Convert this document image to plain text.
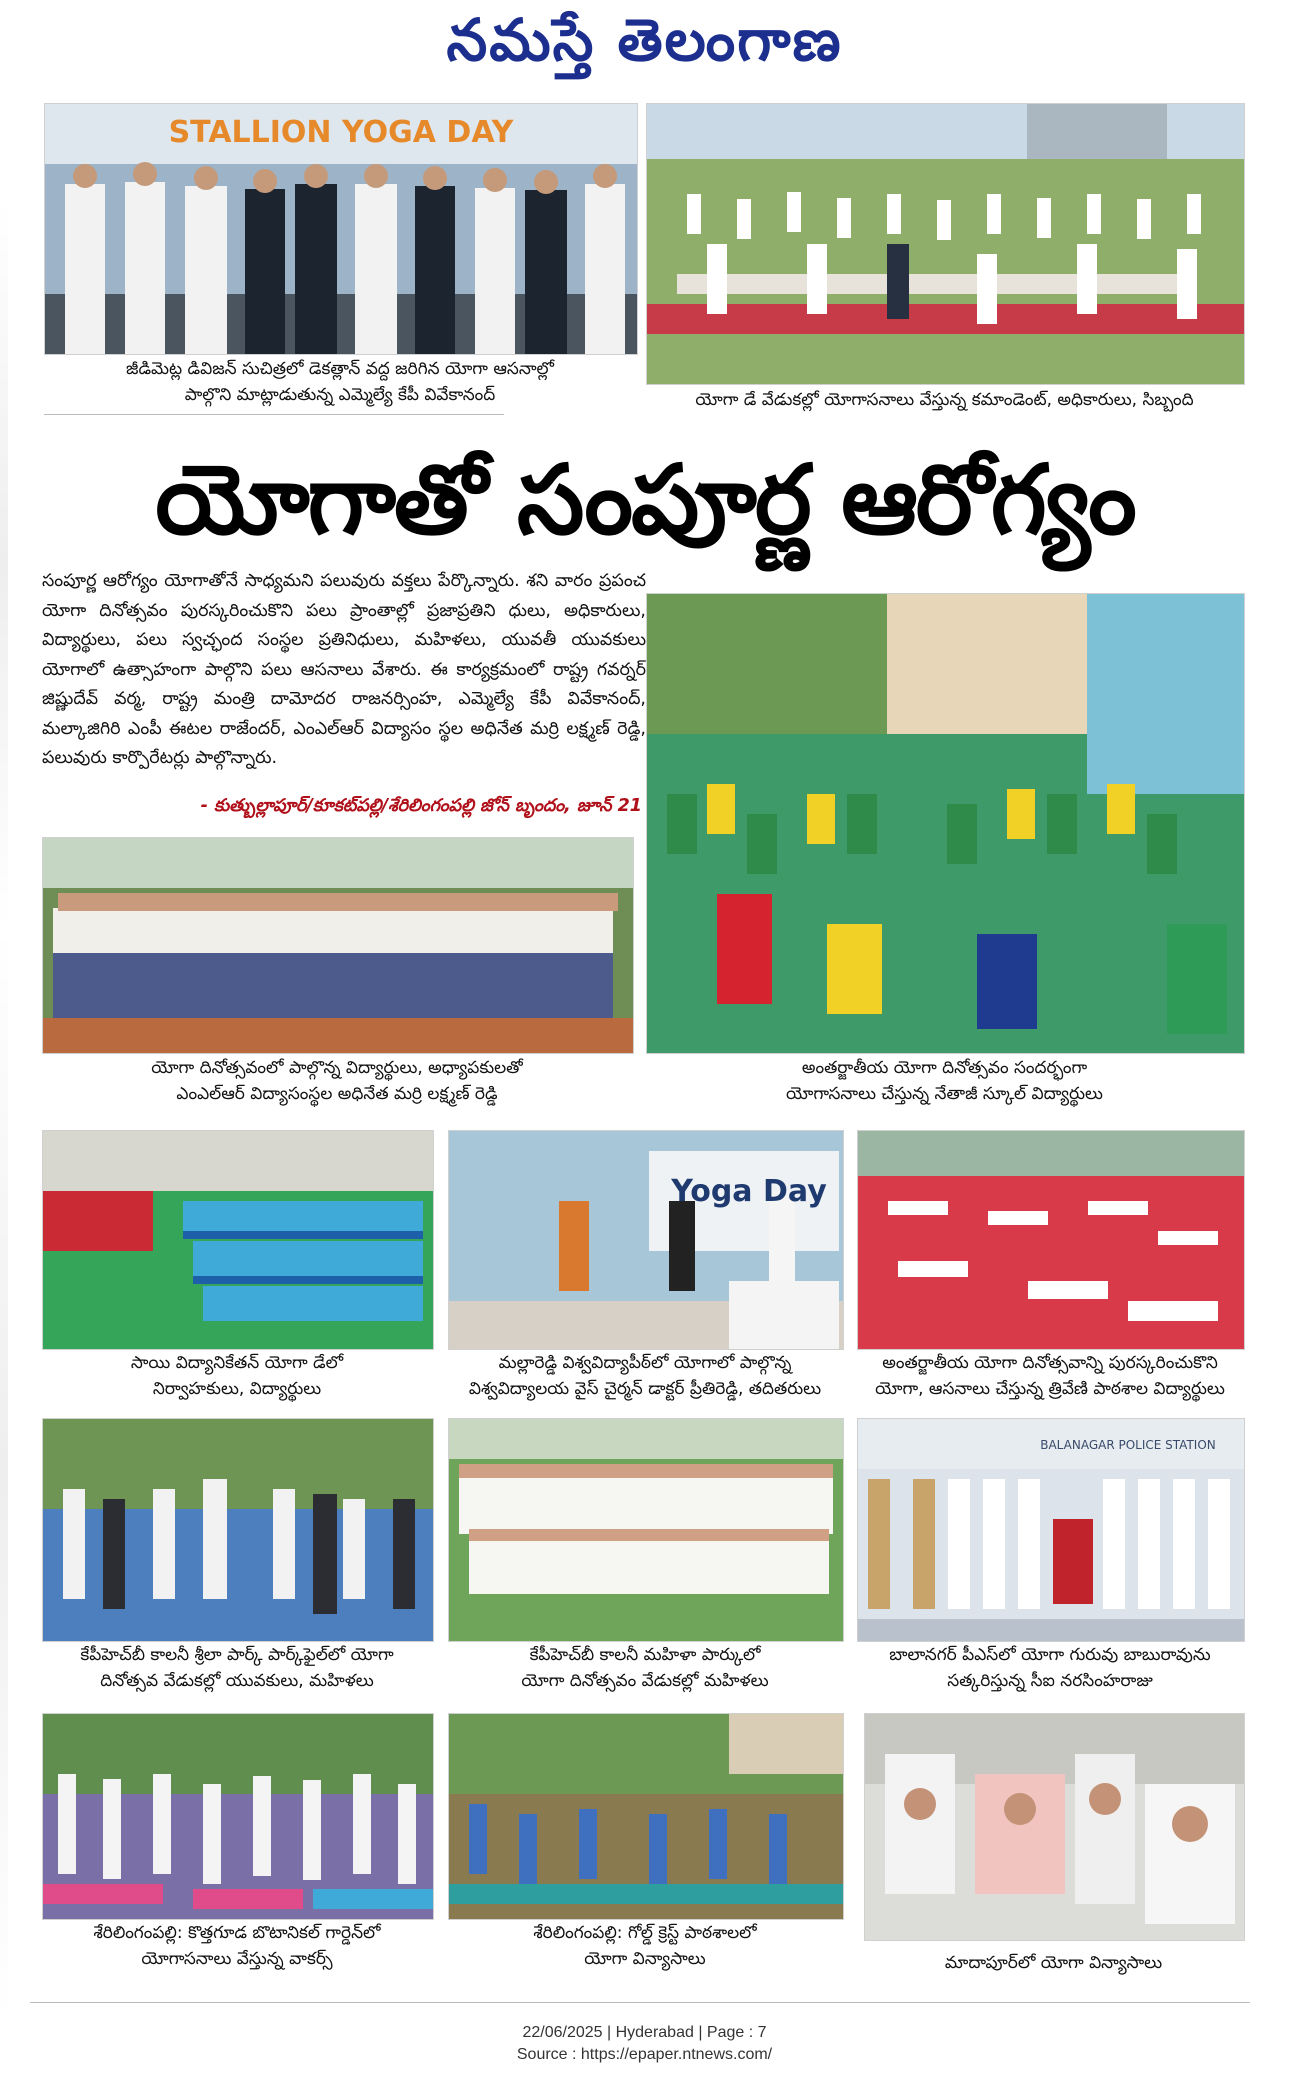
నమస్తే తెలంగాణ
STALLION YOGA DAY
జీడిమెట్ల డివిజన్ సుచిత్రలో డెకత్లాన్ వద్ద జరిగిన యోగా ఆసనాల్లో
పాల్గొని మాట్లాడుతున్న ఎమ్మెల్యే కేపీ వివేకానంద్	యోగా డే వేడుకల్లో యోగాసనాలు వేస్తున్న కమాండెంట్, అధికారులు, సిబ్బంది
యోగాతో సంపూర్ణ ఆరోగ్యం
సంపూర్ణ ఆరోగ్యం యోగాతోనే సాధ్యమని పలువురు వక్తలు పేర్కొన్నారు. శని వారం ప్రపంచ యోగా దినోత్సవం పురస్కరించుకొని పలు ప్రాంతాల్లో ప్రజాప్రతిని ధులు, అధికారులు, విద్యార్థులు, పలు స్వచ్ఛంద సంస్థల ప్రతినిధులు, మహిళలు, యువతీ యువకులు యోగాలో ఉత్సాహంగా పాల్గొని పలు ఆసనాలు వేశారు. ఈ కార్యక్రమంలో రాష్ట్ర గవర్నర్ జిష్ణుదేవ్ వర్మ, రాష్ట్ర మంత్రి దామోదర రాజనర్సింహ, ఎమ్మెల్యే కేపీ వివేకానంద్, మల్కాజిగిరి ఎంపీ ఈటల రాజేందర్, ఎంఎల్ఆర్ విద్యాసం స్థల అధినేత మర్రి లక్ష్మణ్ రెడ్డి, పలువురు కార్పొరేటర్లు పాల్గొన్నారు.
- కుత్బుల్లాపూర్/కూకట్‌పల్లి/శేరిలింగంపల్లి జోన్ బృందం, జూన్ 21
యోగా దినోత్సవంలో పాల్గొన్న విద్యార్థులు, అధ్యాపకులతో
ఎంఎల్ఆర్ విద్యాసంస్థల అధినేత మర్రి లక్ష్మణ్ రెడ్డి
అంతర్జాతీయ యోగా దినోత్సవం సందర్భంగా
యోగాసనాలు చేస్తున్న నేతాజీ స్కూల్ విద్యార్థులు
Yoga Day
సాయి విద్యానికేతన్ యోగా డేలో
నిర్వాహకులు, విద్యార్థులు
మల్లారెడ్డి విశ్వవిద్యాపీఠ్‌లో యోగాలో పాల్గొన్న
విశ్వవిద్యాలయ వైస్ చైర్మన్ డాక్టర్ ప్రీతిరెడ్డి, తదితరులు
అంతర్జాతీయ యోగా దినోత్సవాన్ని పురస్కరించుకొని
యోగా, ఆసనాలు చేస్తున్న త్రివేణి పాఠశాల విద్యార్థులు
BALANAGAR POLICE STATION
కేపీహెచ్‌బీ కాలనీ శ్రీలా పార్క్ పార్క్‌ఫైల్‌లో యోగా
దినోత్సవ వేడుకల్లో యువకులు, మహిళలు
కేపీహెచ్‌బీ కాలనీ మహిళా పార్కులో
యోగా దినోత్సవం వేడుకల్లో మహిళలు
బాలానగర్ పీఎస్‌లో యోగా గురువు బాబురావును
సత్కరిస్తున్న సీఐ నరసింహరాజు
శేరిలింగంపల్లి: కొత్తగూడ బొటానికల్ గార్డెన్‌లో
యోగాసనాలు వేస్తున్న వాకర్స్
శేరిలింగంపల్లి: గోల్డ్ క్రెస్ట్ పాఠశాలలో
యోగా విన్యాసాలు	మాదాపూర్‌లో యోగా విన్యాసాలు
22/06/2025 | Hyderabad | Page : 7
Source : https://epaper.ntnews.com/
